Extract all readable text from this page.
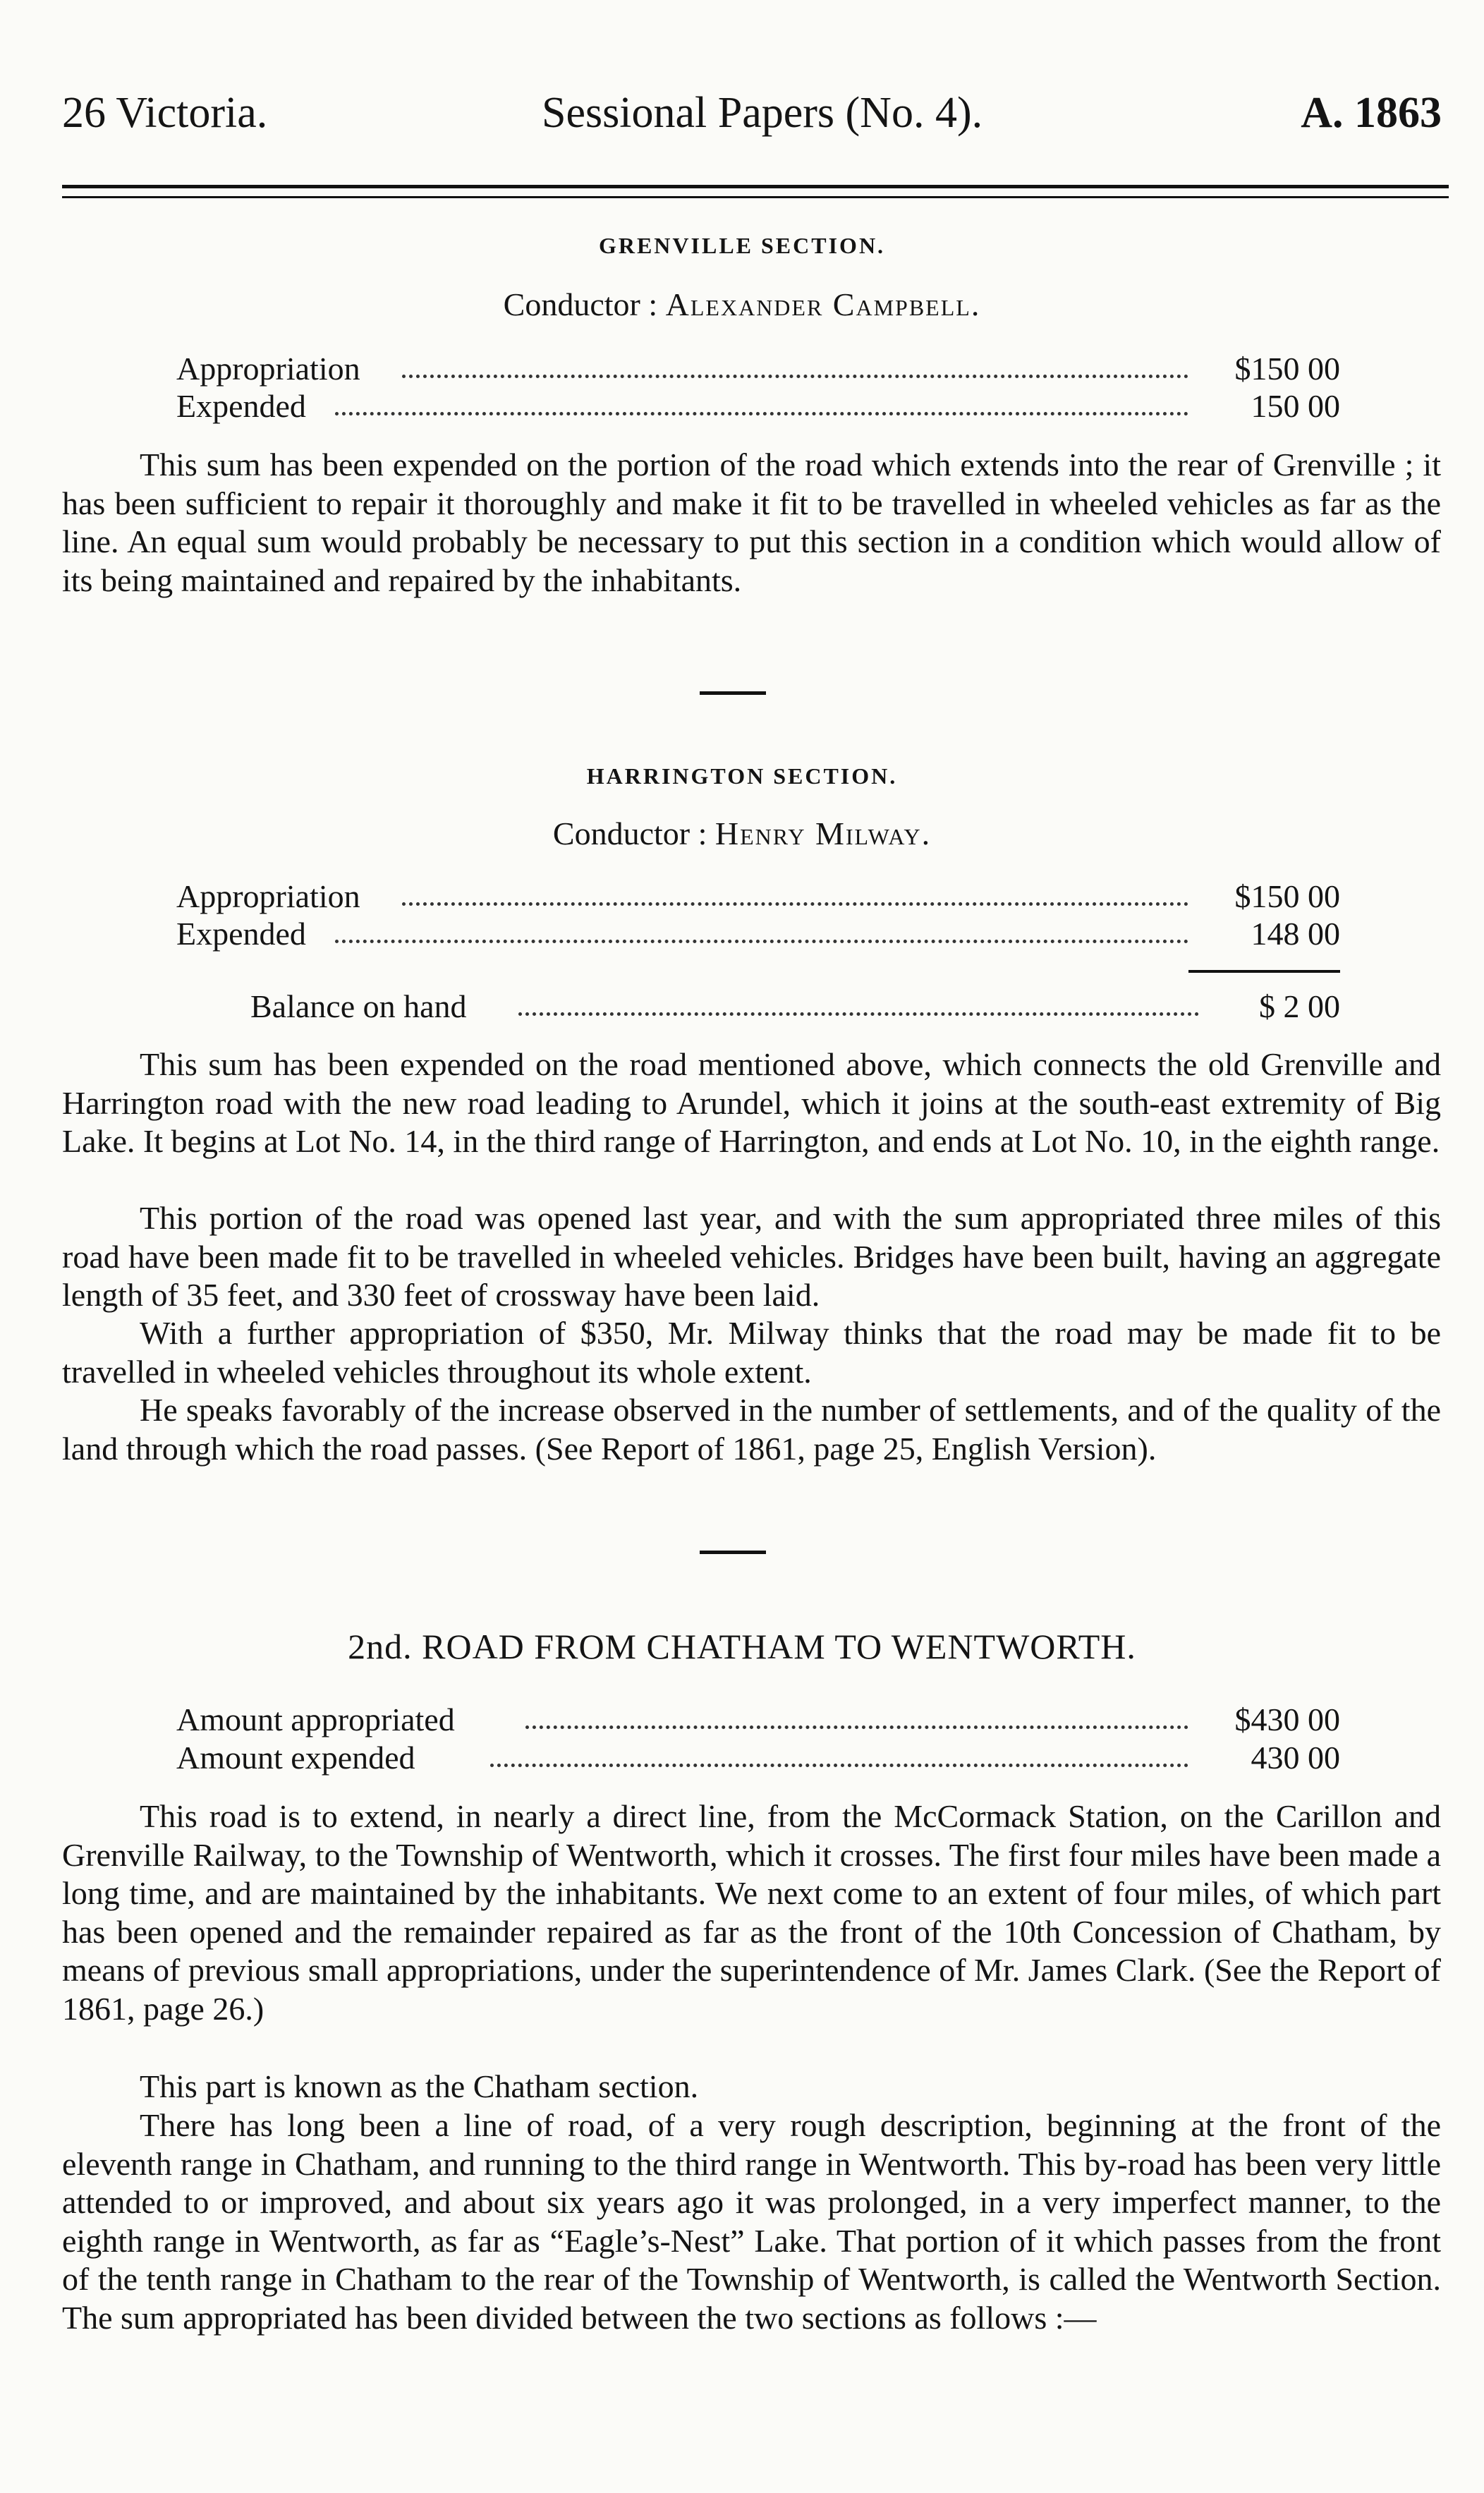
26 Victoria.	Sessional Papers (No. 4).	A. 1863
GRENVILLE SECTION.
Conductor : Alexander Campbell.
Appropriation	$150 00
Expended	150 00

This sum has been expended on the portion of the road which extends into the rear of Grenville ; it has been sufficient to repair it thoroughly and make it fit to be travelled in wheeled vehicles as far as the line. An equal sum would probably be necessary to put this section in a condition which would allow of its being maintained and repaired by the inhabitants.

HARRINGTON SECTION.
Conductor : Henry Milway.
Appropriation	$150 00
Expended	148 00
Balance on hand	$ 2 00

This sum has been expended on the road mentioned above, which connects the old Grenville and Harrington road with the new road leading to Arundel, which it joins at the south-east extremity of Big Lake. It begins at Lot No. 14, in the third range of Harrington, and ends at Lot No. 10, in the eighth range.

This portion of the road was opened last year, and with the sum appropriated three miles of this road have been made fit to be travelled in wheeled vehicles. Bridges have been built, having an aggregate length of 35 feet, and 330 feet of crossway have been laid.

With a further appropriation of $350, Mr. Milway thinks that the road may be made fit to be travelled in wheeled vehicles throughout its whole extent.

He speaks favorably of the increase observed in the number of settlements, and of the quality of the land through which the road passes. (See Report of 1861, page 25, English Version).

2nd. ROAD FROM CHATHAM TO WENTWORTH.
Amount appropriated	$430 00
Amount expended	430 00

This road is to extend, in nearly a direct line, from the McCormack Station, on the Carillon and Grenville Railway, to the Township of Wentworth, which it crosses. The first four miles have been made a long time, and are maintained by the inhabitants. We next come to an extent of four miles, of which part has been opened and the remainder repaired as far as the front of the 10th Concession of Chatham, by means of previous small appropriations, under the superintendence of Mr. James Clark. (See the Report of 1861, page 26.)

This part is known as the Chatham section.

There has long been a line of road, of a very rough description, beginning at the front of the eleventh range in Chatham, and running to the third range in Wentworth. This by-road has been very little attended to or improved, and about six years ago it was prolonged, in a very imperfect manner, to the eighth range in Wentworth, as far as “Eagle’s-Nest” Lake. That portion of it which passes from the front of the tenth range in Chatham to the rear of the Township of Wentworth, is called the Wentworth Section. The sum appropriated has been divided between the two sections as follows :—
